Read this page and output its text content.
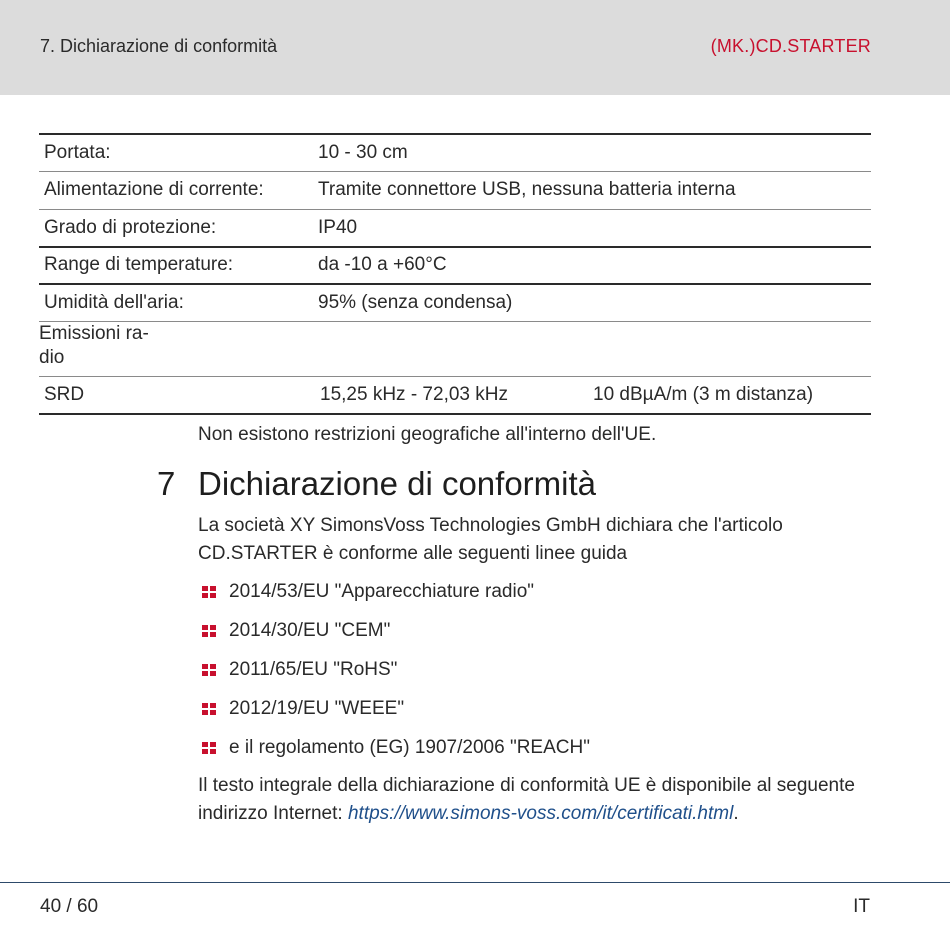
7. Dichiarazione di conformità	(MK.)CD.STARTER
Portata:	10 - 30 cm	
Alimentazione di corrente:	Tramite connettore USB, nessuna batteria interna	
Grado di protezione:	IP40	
Range di temperature:	da -10 a +60°C	
Umidità dell'aria:	95% (senza condensa)	
Emissioni ra-
dio		
SRD	15,25 kHz - 72,03 kHz	10 dBµA/m (3 m distanza)

Non esistono restrizioni geografiche all'interno dell'UE.

7 Dichiarazione di conformità

La società XY SimonsVoss Technologies GmbH dichiara che l'articolo CD.STARTER è conforme alle seguenti linee guida

2014/53/EU "Apparecchiature radio"
2014/30/EU "CEM"
2011/65/EU "RoHS"
2012/19/EU "WEEE"
e il regolamento (EG) 1907/2006 "REACH"

Il testo integrale della dichiarazione di conformità UE è disponibile al seguente indirizzo Internet: https://www.simons-voss.com/it/certificati.html.

40 / 60	IT
